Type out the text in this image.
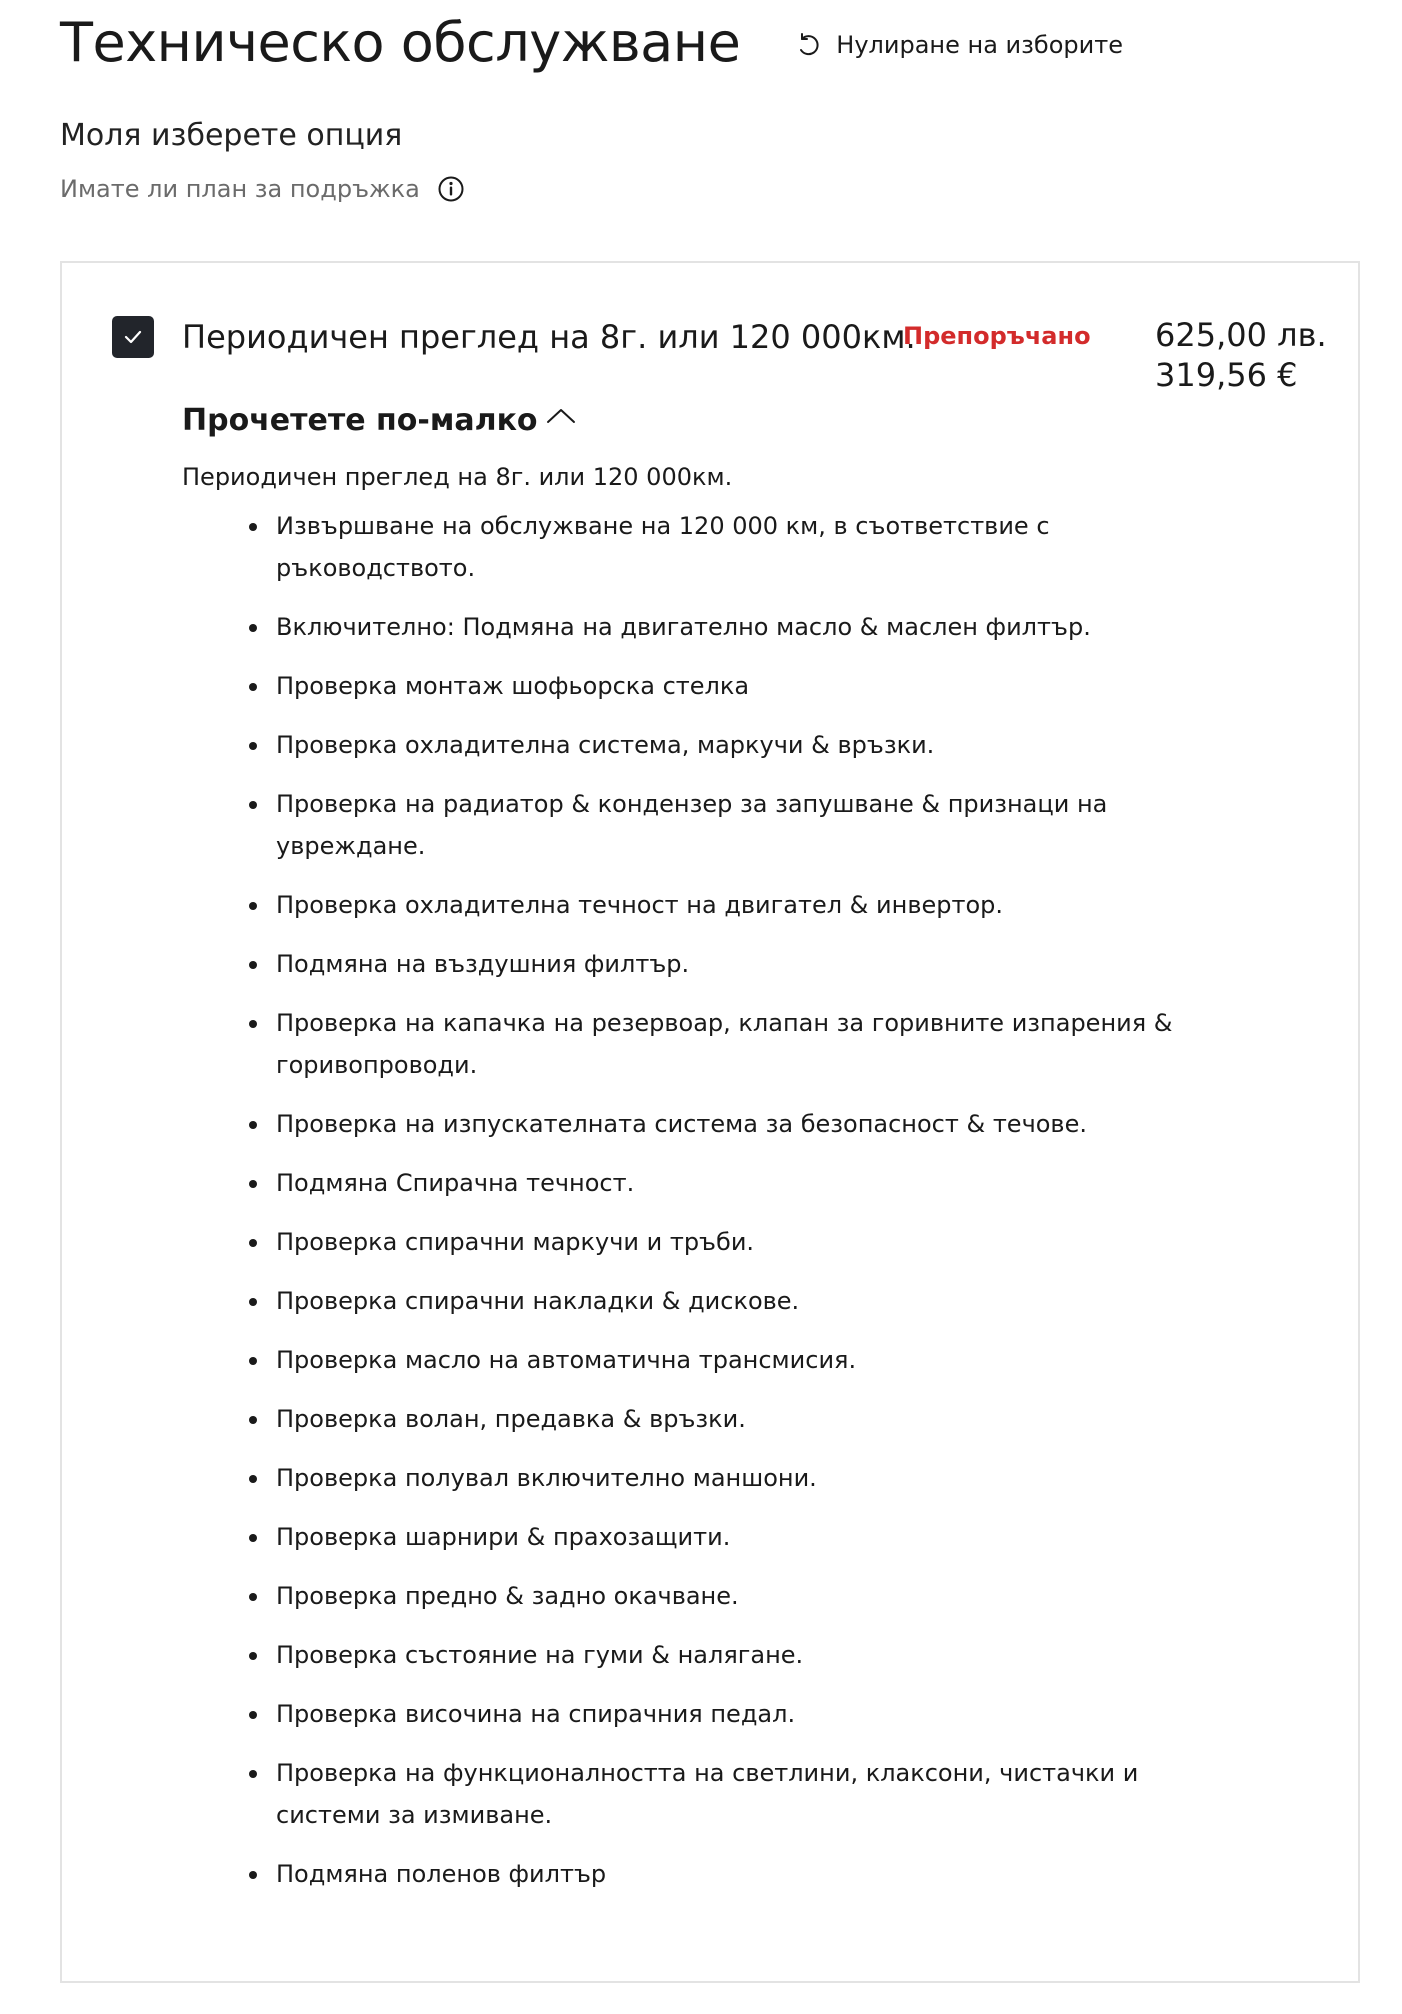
Техническо обслужване	Нулиране на изборите
Моля изберете опция
Имате ли план за подръжка
Периодичен преглед на 8г. или 120 000км.
Препоръчано 625,00 лв.
319,56 €
Прочетете по-малко
Периодичен преглед на 8г. или 120 000км.
Извършване на обслужване на 120 000 км, в съответствие с ръководството.
Включително: Подмяна на двигателно масло & маслен филтър.
Проверка монтаж шофьорска стелка
Проверка охладителна система, маркучи & връзки.
Проверка на радиатор & кондензер за запушване & признаци на увреждане.
Проверка охладителна течност на двигател & инвертор.
Подмяна на въздушния филтър.
Проверка на капачка на резервоар, клапан за горивните изпарения & горивопроводи.
Проверка на изпускателната система за безопасност & течове.
Подмяна Спирачна течност.
Проверка спирачни маркучи и тръби.
Проверка спирачни накладки & дискове.
Проверка масло на автоматична трансмисия.
Проверка волан, предавка & връзки.
Проверка полувал включително маншони.
Проверка шарнири & прахозащити.
Проверка предно & задно окачване.
Проверка състояние на гуми & налягане.
Проверка височина на спирачния педал.
Проверка на функционалността на светлини, клаксони, чистачки и системи за измиване.
Подмяна поленов филтър
